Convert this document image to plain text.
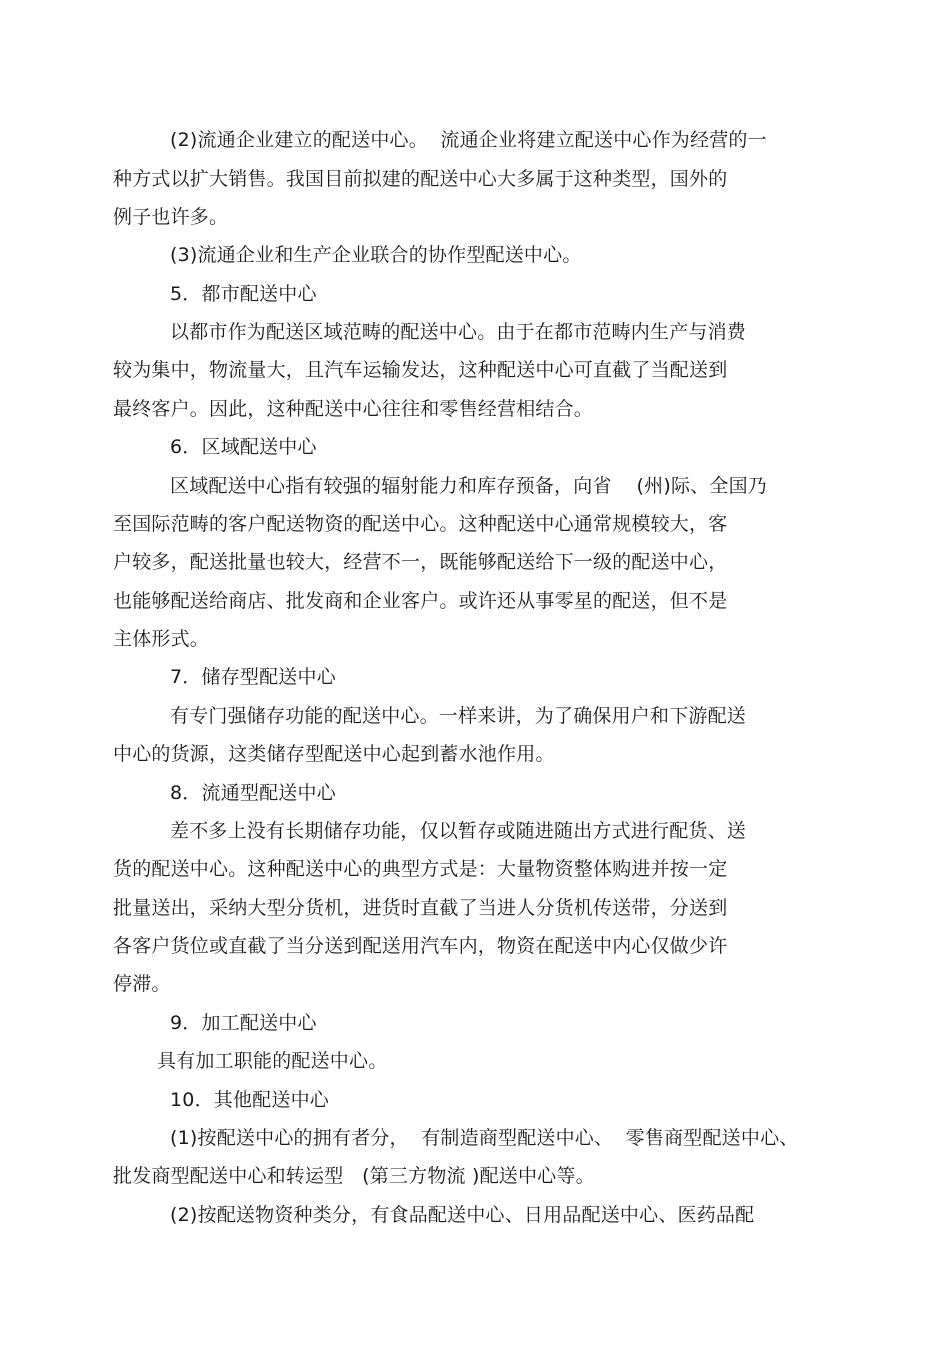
(2)流通企业建立的配送中心。  流通企业将建立配送中心作为经营的一
种方式以扩大销售。我国目前拟建的配送中心大多属于这种类型，国外的
例子也许多。
(3)流通企业和生产企业联合的协作型配送中心。
5．都市配送中心
以都市作为配送区域范畴的配送中心。由于在都市范畴内生产与消费
较为集中，物流量大，且汽车运输发达，这种配送中心可直截了当配送到
最终客户。因此，这种配送中心往往和零售经营相结合。
6．区域配送中心
区域配送中心指有较强的辐射能力和库存预备，向省    (州)际、全国乃
至国际范畴的客户配送物资的配送中心。这种配送中心通常规模较大，客
户较多，配送批量也较大，经营不一，既能够配送给下一级的配送中心，
也能够配送给商店、批发商和企业客户。或许还从事零星的配送，但不是
主体形式。
7．储存型配送中心
有专门强储存功能的配送中心。一样来讲，为了确保用户和下游配送
中心的货源，这类储存型配送中心起到蓄水池作用。
8．流通型配送中心
差不多上没有长期储存功能，仅以暂存或随进随出方式进行配货、送
货的配送中心。这种配送中心的典型方式是：大量物资整体购进并按一定
批量送出，采纳大型分货机，进货时直截了当进人分货机传送带，分送到
各客户货位或直截了当分送到配送用汽车内，物资在配送中内心仅做少许
停滞。
9．加工配送中心
具有加工职能的配送中心。
10．其他配送中心
(1)按配送中心的拥有者分，  有制造商型配送中心、  零售商型配送中心、
批发商型配送中心和转运型   (第三方物流 )配送中心等。
(2)按配送物资种类分，有食品配送中心、日用品配送中心、医药品配
